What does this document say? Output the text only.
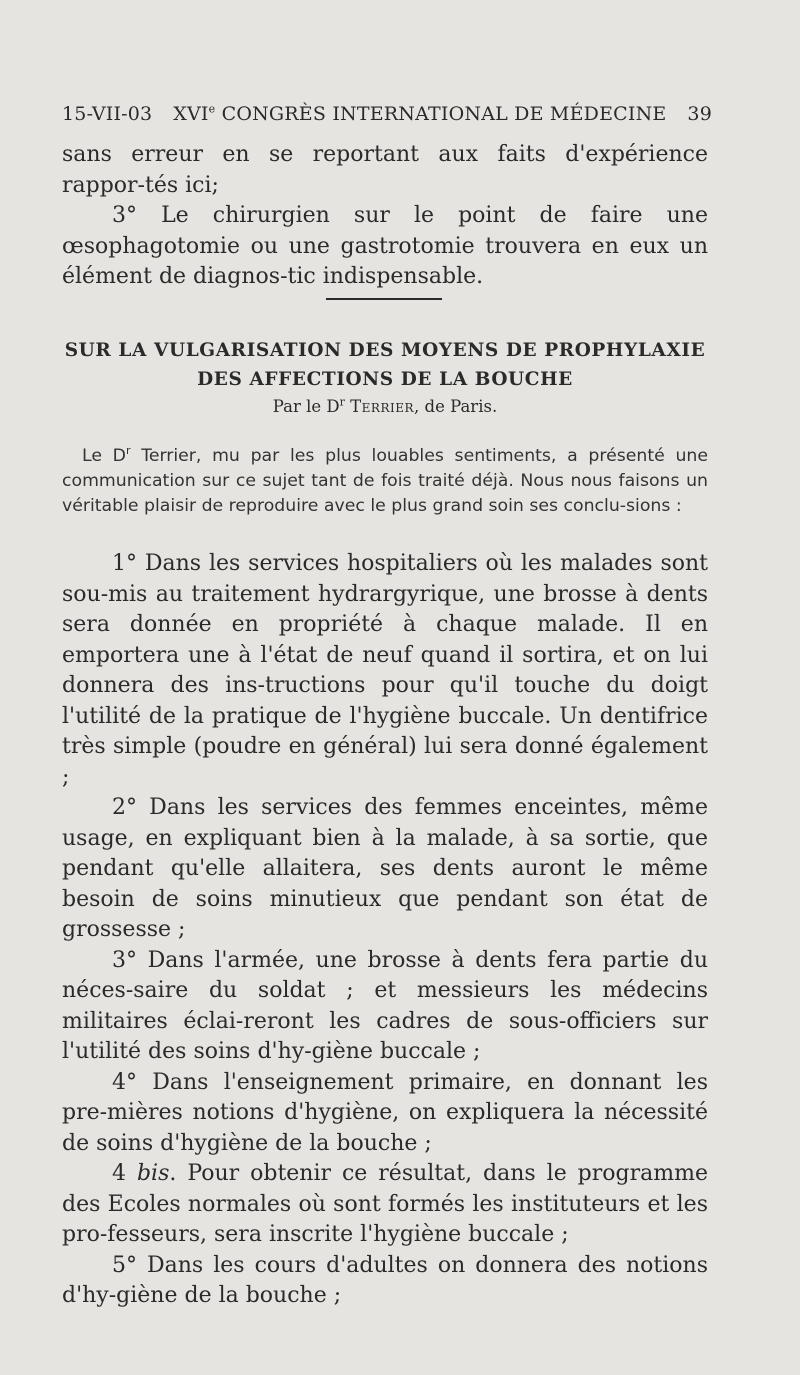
15-VII-03 XVIe CONGRÈS INTERNATIONAL DE MÉDECINE 39

sans erreur en se reportant aux faits d'expérience rappor-tés ici;

3° Le chirurgien sur le point de faire une œsophagotomie ou une gastrotomie trouvera en eux un élément de diagnos-tic indispensable.

SUR LA VULGARISATION DES MOYENS DE PROPHYLAXIE
DES AFFECTIONS DE LA BOUCHE

Par le $D^r$ Terrier, de Paris.

Le $D^r$ Terrier, mu par les plus louables sentiments, a présenté une communication sur ce sujet tant de fois traité déjà. Nous nous faisons un véritable plaisir de reproduire avec le plus grand soin ses conclu-sions :

1° Dans les services hospitaliers où les malades sont sou-mis au traitement hydrargyrique, une brosse à dents sera donnée en propriété à chaque malade. Il en emportera une à l'état de neuf quand il sortira, et on lui donnera des ins-tructions pour qu'il touche du doigt l'utilité de la pratique de l'hygiène buccale. Un dentifrice très simple (poudre en général) lui sera donné également ;

2° Dans les services des femmes enceintes, même usage, en expliquant bien à la malade, à sa sortie, que pendant qu'elle allaitera, ses dents auront le même besoin de soins minutieux que pendant son état de grossesse ;

3° Dans l'armée, une brosse à dents fera partie du néces-saire du soldat ; et messieurs les médecins militaires éclai-reront les cadres de sous-officiers sur l'utilité des soins d'hy-giène buccale ;

4° Dans l'enseignement primaire, en donnant les pre-mières notions d'hygiène, on expliquera la nécessité de soins d'hygiène de la bouche ;

4 bis. Pour obtenir ce résultat, dans le programme des Ecoles normales où sont formés les instituteurs et les pro-fesseurs, sera inscrite l'hygiène buccale ;

5° Dans les cours d'adultes on donnera des notions d'hy-giène de la bouche ;
